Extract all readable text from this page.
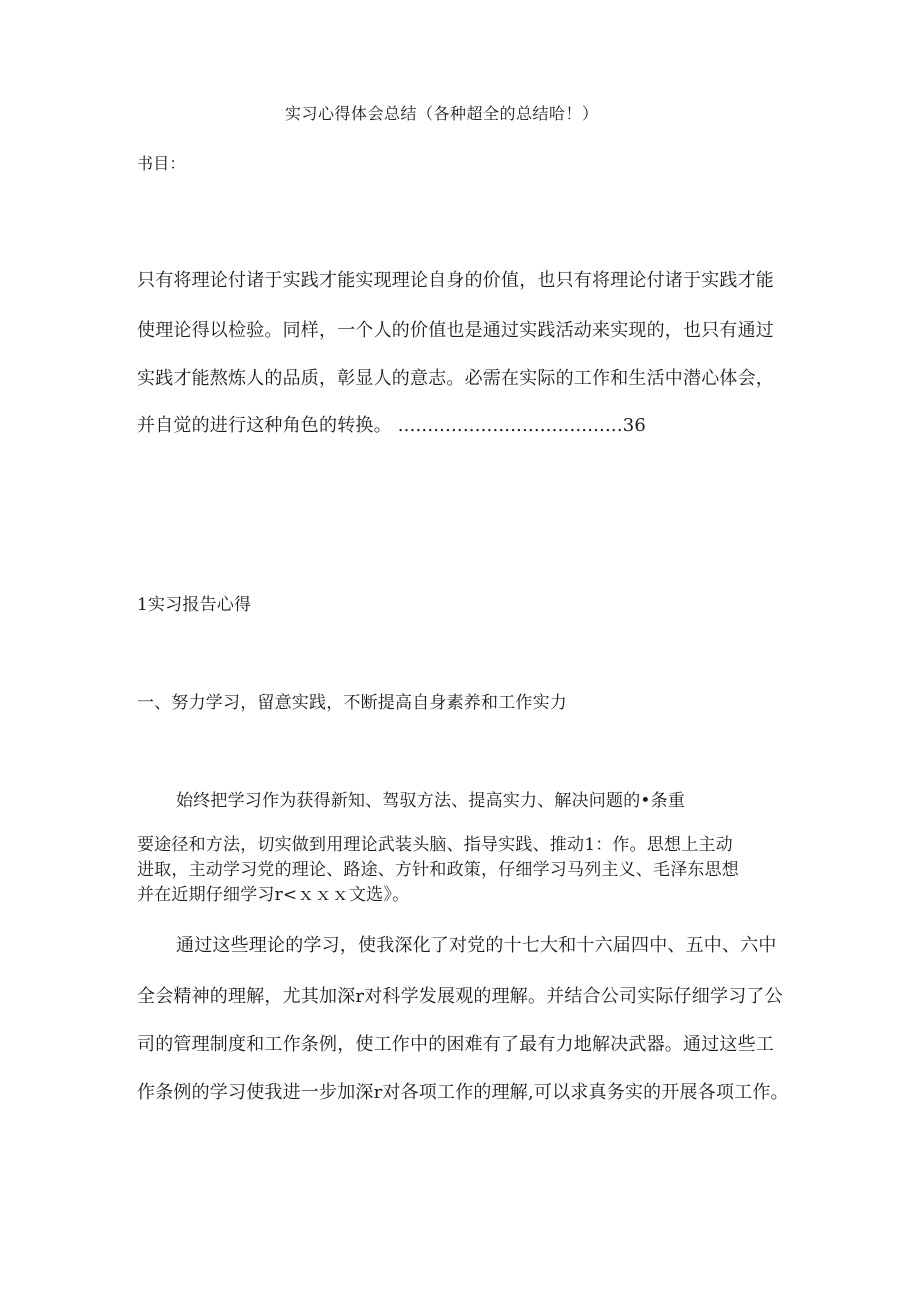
实习心得体会总结（各种超全的总结哈！）
书目：
只有将理论付诸于实践才能实现理论自身的价值，也只有将理论付诸于实践才能
使理论得以检验。同样，一个人的价值也是通过实践活动来实现的，也只有通过
实践才能熬炼人的品质，彰显人的意志。必需在实际的工作和生活中潜心体会，
并自觉的进行这种角色的转换。 ......................................36
1实习报告心得
一、努力学习，留意实践，不断提高自身素养和工作实力
始终把学习作为获得新知、驾驭方法、提高实力、解决问题的•条重
要途径和方法，切实做到用理论武装头脑、指导实践、推动1：作。思想上主动
进取，主动学习党的理论、路途、方针和政策，仔细学习马列主义、毛泽东思想
并在近期仔细学习r<ｘｘｘ文选》。
通过这些理论的学习，使我深化了对党的十七大和十六届四中、五中、六中
全会精神的理解，尤其加深r对科学发展观的理解。并结合公司实际仔细学习了公
司的管理制度和工作条例，使工作中的困难有了最有力地解决武器。通过这些工
作条例的学习使我进一步加深r对各项工作的理解,可以求真务实的开展各项工作。
